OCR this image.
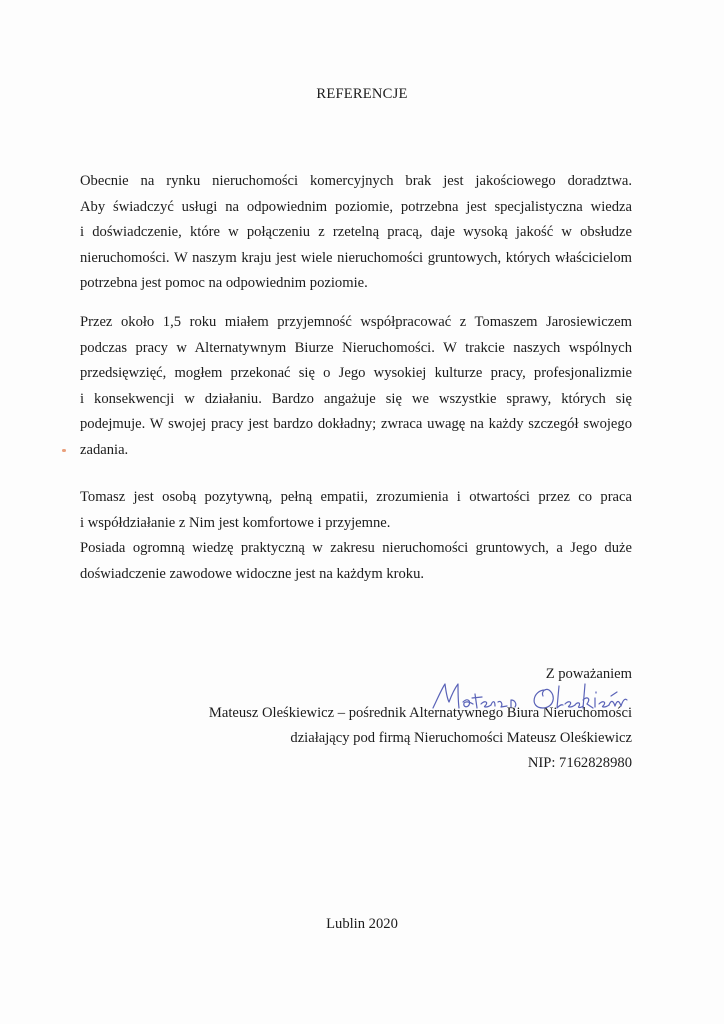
REFERENCJE
Obecnie na rynku nieruchomości komercyjnych brak jest jakościowego doradztwa.
Aby świadczyć usługi na odpowiednim poziomie, potrzebna jest specjalistyczna wiedza
i doświadczenie, które w połączeniu z rzetelną pracą, daje wysoką jakość w obsłudze
nieruchomości. W naszym kraju jest wiele nieruchomości gruntowych, których właścicielom
potrzebna jest pomoc na odpowiednim poziomie.
Przez około 1,5 roku miałem przyjemność współpracować z Tomaszem Jarosiewiczem
podczas pracy w Alternatywnym Biurze Nieruchomości. W trakcie naszych wspólnych
przedsięwzięć, mogłem przekonać się o Jego wysokiej kulturze pracy, profesjonalizmie
i konsekwencji w działaniu. Bardzo angażuje się we wszystkie sprawy, których się
podejmuje. W swojej pracy jest bardzo dokładny; zwraca uwagę na każdy szczegół swojego
zadania.
Tomasz jest osobą pozytywną, pełną empatii, zrozumienia i otwartości przez co praca
i współdziałanie z Nim jest komfortowe i przyjemne.
Posiada ogromną wiedzę praktyczną w zakresu nieruchomości gruntowych, a Jego duże
doświadczenie zawodowe widoczne jest na każdym kroku.
Z poważaniem
Mateusz Oleśkiewicz – pośrednik Alternatywnego Biura Nieruchomości
działający pod firmą Nieruchomości Mateusz Oleśkiewicz
NIP: 7162828980
Lublin 2020
